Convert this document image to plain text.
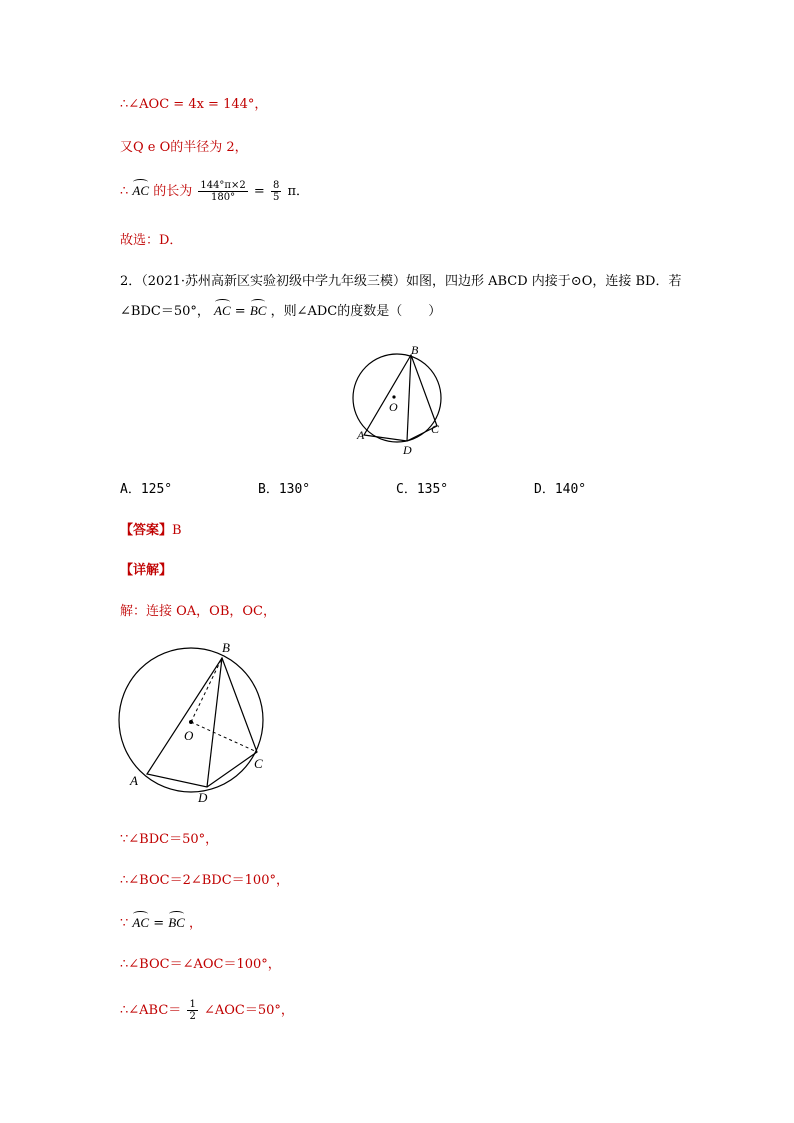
∴∠AOC = 4x = 144°，
又Q e O的半径为 2，
∴ AC 的长为 $\frac{144^\circ\pi\times 2}{180^\circ} = \frac{8}{5}$ π．
故选：D．
2．（2021·苏州高新区实验初级中学九年级三模）如图，四边形 ABCD 内接于⊙O，连接 BD．若
∠BDC＝50°， AC = BC ，则∠ADC的度数是（　　）
B
O
A
D
C
A．125°	B．130°	C．135°	D．140°
【答案】B
【详解】
解：连接 OA，OB，OC，
B
O
A
D
C
∵∠BDC＝50°，
∴∠BOC＝2∠BDC＝100°，
∵ AC = BC ，
∴∠BOC＝∠AOC＝100°，
∴∠ABC＝ $\frac{1}{2}$ ∠AOC＝50°，
